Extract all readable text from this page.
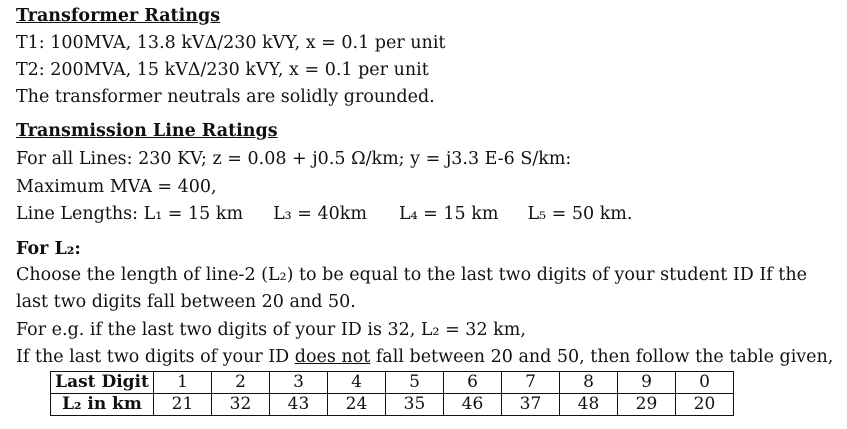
Transformer Ratings
T1: 100MVA, 13.8 kVΔ/230 kVY, x = 0.1 per unit
T2: 200MVA, 15 kVΔ/230 kVY, x = 0.1 per unit
The transformer neutrals are solidly grounded.
Transmission Line Ratings
For all Lines: 230 KV; z = 0.08 + j0.5 Ω/km; y = j3.3 E-6 S/km:
Maximum MVA = 400,
Line Lengths: L₁ = 15 km L₃ = 40km L₄ = 15 km L₅ = 50 km.
For L₂:
Choose the length of line-2 (L₂) to be equal to the last two digits of your student ID If the
last two digits fall between 20 and 50.
For e.g. if the last two digits of your ID is 32, L₂ = 32 km,
If the last two digits of your ID does not fall between 20 and 50, then follow the table given,
Last Digit	1	2	3	4	5	6	7	8	9	0
L₂ in km	21	32	43	24	35	46	37	48	29	20
